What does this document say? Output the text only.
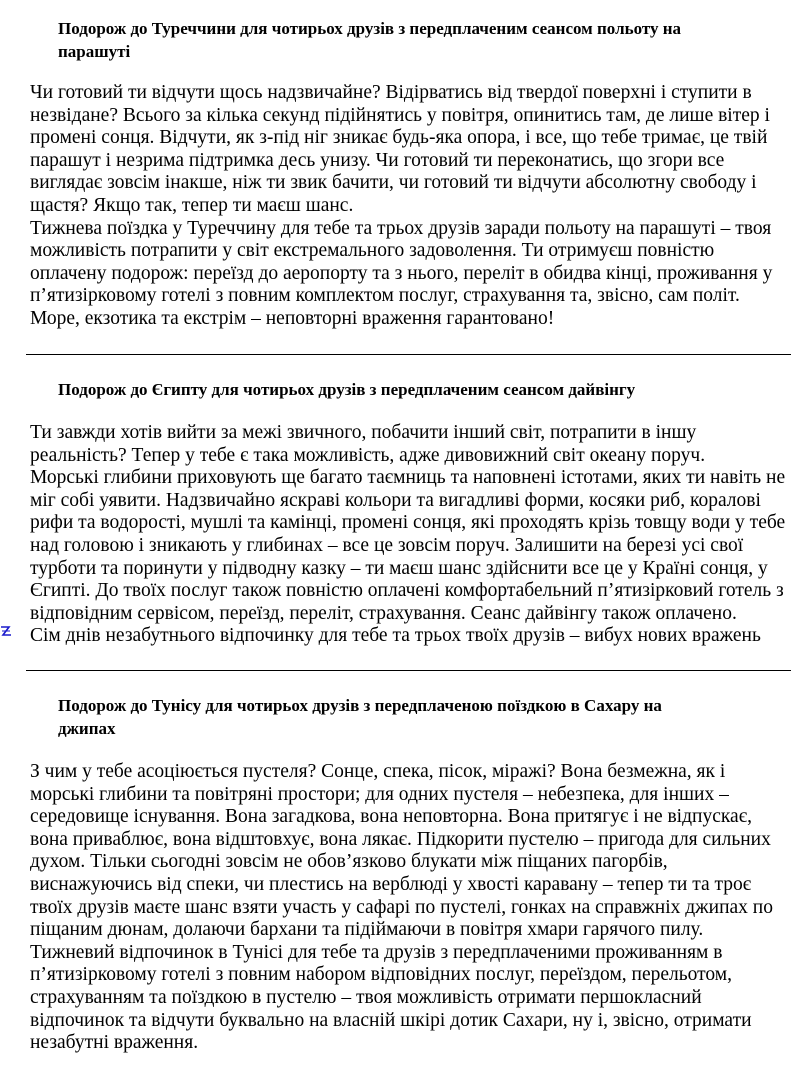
Подорож до Туреччини для чотирьох друзів з передплаченим сеансом польоту на
парашуті

Чи готовий ти відчути щось надзвичайне? Відірватись від твердої поверхні і ступити в
незвідане? Всього за кілька секунд підійнятись у повітря, опинитись там, де лише вітер і
промені сонця. Відчути, як з-під ніг зникає будь-яка опора, і все, що тебе тримає, це твій
парашут і незрима підтримка десь унизу. Чи готовий ти переконатись, що згори все
виглядає зовсім інакше, ніж ти звик бачити, чи готовий ти відчути абсолютну свободу і
щастя? Якщо так, тепер ти маєш шанс.
Тижнева поїздка у Туреччину для тебе та трьох друзів заради польоту на парашуті – твоя
можливість потрапити у світ екстремального задоволення. Ти отримуєш повністю
оплачену подорож: переїзд до аеропорту та з нього, переліт в обидва кінці, проживання у
п’ятизірковому готелі з повним комплектом послуг, страхування та, звісно, сам політ.
Море, екзотика та екстрім – неповторні враження гарантовано!

Подорож до Єгипту для чотирьох друзів з передплаченим сеансом дайвінгу

Ти завжди хотів вийти за межі звичного, побачити інший світ, потрапити в іншу
реальність? Тепер у тебе є така можливість, адже дивовижний світ океану поруч.
Морські глибини приховують ще багато таємниць та наповнені істотами, яких ти навіть не
міг собі уявити. Надзвичайно яскраві кольори та вигадливі форми, косяки риб, коралові
рифи та водорості, мушлі та камінці, промені сонця, які проходять крізь товщу води у тебе
над головою і зникають у глибинах – все це зовсім поруч. Залишити на березі усі свої
турботи та поринути у підводну казку – ти маєш шанс здійснити все це у Країні сонця, у
Єгипті. До твоїх послуг також повністю оплачені комфортабельний п’ятизірковий готель з
відповідним сервісом, переїзд, переліт, страхування. Сеанс дайвінгу також оплачено.
Сім днів незабутнього відпочинку для тебе та трьох твоїх друзів – вибух нових вражень

Подорож до Тунісу для чотирьох друзів з передплаченою поїздкою в Сахару на
джипах

З чим у тебе асоціюється пустеля? Сонце, спека, пісок, міражі? Вона безмежна, як і
морські глибини та повітряні простори; для одних пустеля – небезпека, для інших –
середовище існування. Вона загадкова, вона неповторна. Вона притягує і не відпускає,
вона приваблює, вона відштовхує, вона лякає. Підкорити пустелю – пригода для сильних
духом. Тільки сьогодні зовсім не обов’язково блукати між піщаних пагорбів,
виснажуючись від спеки, чи плестись на верблюді у хвості каравану – тепер ти та троє
твоїх друзів маєте шанс взяти участь у сафарі по пустелі, гонках на справжніх джипах по
піщаним дюнам, долаючи бархани та підіймаючи в повітря хмари гарячого пилу.
Тижневий відпочинок в Тунісі для тебе та друзів з передплаченими проживанням в
п’ятизірковому готелі з повним набором відповідних послуг, переїздом, перельотом,
страхуванням та поїздкою в пустелю – твоя можливість отримати першокласний
відпочинок та відчути буквально на власній шкірі дотик Сахари, ну і, звісно, отримати
незабутні враження.
